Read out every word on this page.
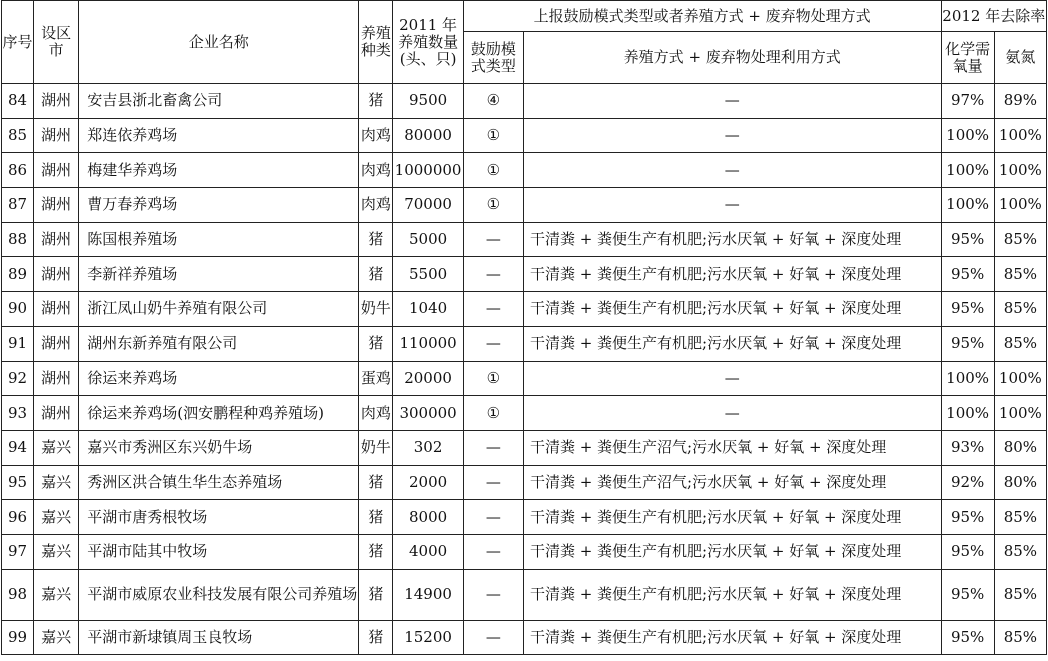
序号	设区市	企业名称	养殖种类	2011 年养殖数量(头、只)	上报鼓励模式类型或者养殖方式 + 废弃物处理方式		2012 年去除率	
					鼓励模式类型	养殖方式 + 废弃物处理利用方式	化学需氧量	氨氮
84	湖州	安吉县浙北畜禽公司	猪	9500	④	—	97%	89%
85	湖州	郑连依养鸡场	肉鸡	80000	①	—	100%	100%
86	湖州	梅建华养鸡场	肉鸡	1000000	①	—	100%	100%
87	湖州	曹万春养鸡场	肉鸡	70000	①	—	100%	100%
88	湖州	陈国根养殖场	猪	5000	—	干清粪 + 粪便生产有机肥;污水厌氧 + 好氧 + 深度处理	95%	85%
89	湖州	李新祥养殖场	猪	5500	—	干清粪 + 粪便生产有机肥;污水厌氧 + 好氧 + 深度处理	95%	85%
90	湖州	浙江凤山奶牛养殖有限公司	奶牛	1040	—	干清粪 + 粪便生产有机肥;污水厌氧 + 好氧 + 深度处理	95%	85%
91	湖州	湖州东新养殖有限公司	猪	110000	—	干清粪 + 粪便生产有机肥;污水厌氧 + 好氧 + 深度处理	95%	85%
92	湖州	徐运来养鸡场	蛋鸡	20000	①	—	100%	100%
93	湖州	徐运来养鸡场(泗安鹏程种鸡养殖场)	肉鸡	300000	①	—	100%	100%
94	嘉兴	嘉兴市秀洲区东兴奶牛场	奶牛	302	—	干清粪 + 粪便生产沼气;污水厌氧 + 好氧 + 深度处理	93%	80%
95	嘉兴	秀洲区洪合镇生华生态养殖场	猪	2000	—	干清粪 + 粪便生产沼气;污水厌氧 + 好氧 + 深度处理	92%	80%
96	嘉兴	平湖市唐秀根牧场	猪	8000	—	干清粪 + 粪便生产有机肥;污水厌氧 + 好氧 + 深度处理	95%	85%
97	嘉兴	平湖市陆其中牧场	猪	4000	—	干清粪 + 粪便生产有机肥;污水厌氧 + 好氧 + 深度处理	95%	85%
98	嘉兴	平湖市威原农业科技发展有限公司养殖场	猪	14900	—	干清粪 + 粪便生产有机肥;污水厌氧 + 好氧 + 深度处理	95%	85%
99	嘉兴	平湖市新埭镇周玉良牧场	猪	15200	—	干清粪 + 粪便生产有机肥;污水厌氧 + 好氧 + 深度处理	95%	85%
